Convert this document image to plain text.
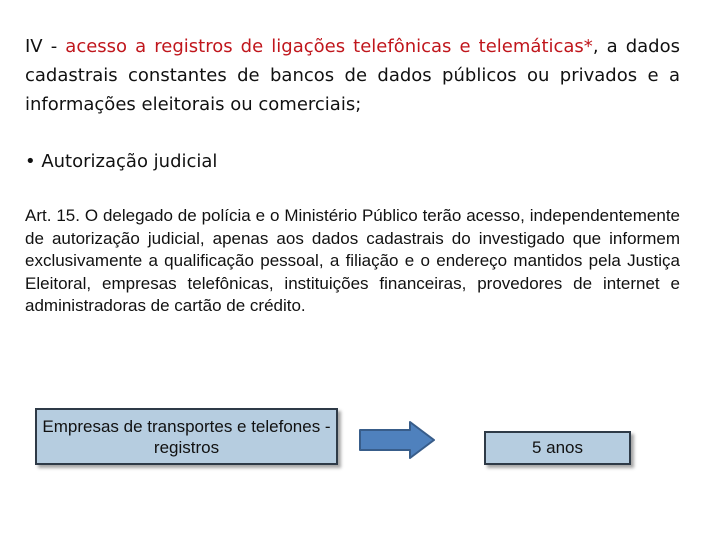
IV - acesso a registros de ligações telefônicas e telemáticas*, a dados cadastrais constantes de bancos de dados públicos ou privados e a informações eleitorais ou comerciais;

• Autorização judicial

Art. 15. O delegado de polícia e o Ministério Público terão acesso, independentemente de autorização judicial, apenas aos dados cadastrais do investigado que informem exclusivamente a qualificação pessoal, a filiação e o endereço mantidos pela Justiça Eleitoral, empresas telefônicas, instituições financeiras, provedores de internet e administradoras de cartão de crédito.

Empresas de transportes e telefones - registros	5 anos
